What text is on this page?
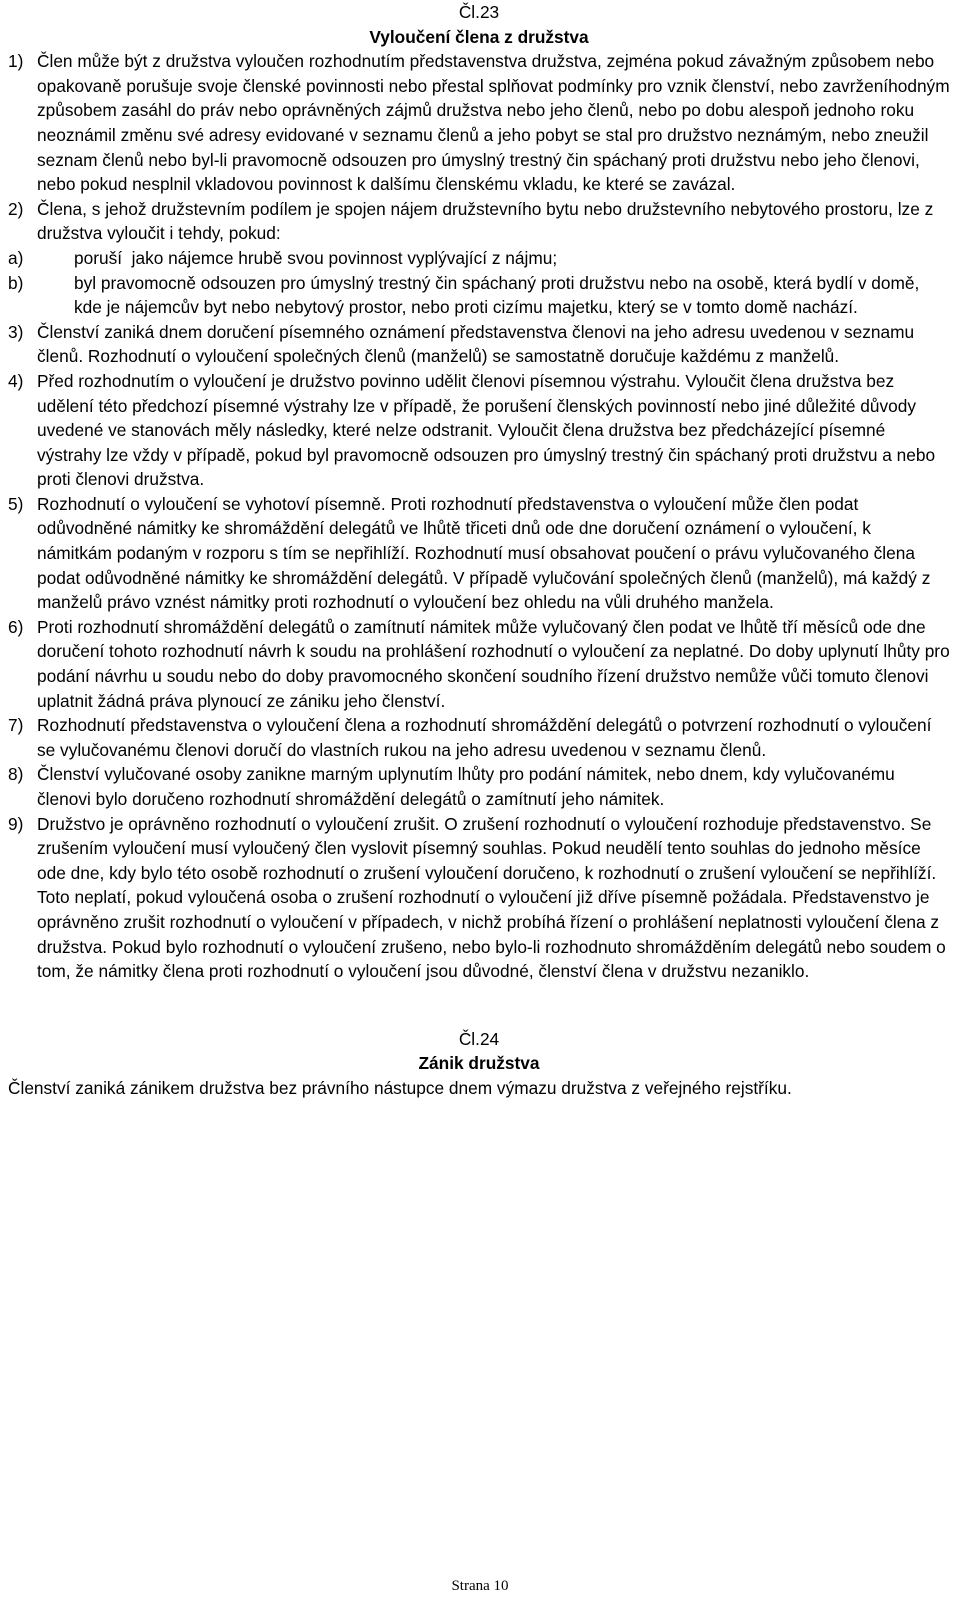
Čl.23

Vyloučení člena z družstva

1) Člen může být z družstva vyloučen rozhodnutím představenstva družstva, zejména pokud závažným způsobem nebo opakovaně porušuje svoje členské povinnosti nebo přestal splňovat podmínky pro vznik členství, nebo zavrženíhodným způsobem zasáhl do práv nebo oprávněných zájmů družstva nebo jeho členů, nebo po dobu alespoň jednoho roku neoznámil změnu své adresy evidované v seznamu členů a jeho pobyt se stal pro družstvo neznámým, nebo zneužil seznam členů nebo byl-li pravomocně odsouzen pro úmyslný trestný čin spáchaný proti družstvu nebo jeho členovi, nebo pokud nesplnil vkladovou povinnost k dalšímu členskému vkladu, ke které se zavázal.
2) Člena, s jehož družstevním podílem je spojen nájem družstevního bytu nebo družstevního nebytového prostoru, lze z družstva vyloučit i tehdy, pokud:
a)	poruší  jako nájemce hrubě svou povinnost vyplývající z nájmu;
b)	byl pravomocně odsouzen pro úmyslný trestný čin spáchaný proti družstvu nebo na osobě, která bydlí v domě, kde je nájemcův byt nebo nebytový prostor, nebo proti cizímu majetku, který se v tomto domě nachází.
3) Členství zaniká dnem doručení písemného oznámení představenstva členovi na jeho adresu uvedenou v seznamu členů. Rozhodnutí o vyloučení společných členů (manželů) se samostatně doručuje každému z manželů.
4) Před rozhodnutím o vyloučení je družstvo povinno udělit členovi písemnou výstrahu. Vyloučit člena družstva bez udělení této předchozí písemné výstrahy lze v případě, že porušení členských povinností nebo jiné důležité důvody uvedené ve stanovách měly následky, které nelze odstranit. Vyloučit člena družstva bez předcházející písemné výstrahy lze vždy v případě, pokud byl pravomocně odsouzen pro úmyslný trestný čin spáchaný proti družstvu a nebo proti členovi družstva.
5) Rozhodnutí o vyloučení se vyhotoví písemně. Proti rozhodnutí představenstva o vyloučení může člen podat odůvodněné námitky ke shromáždění delegátů ve lhůtě třiceti dnů ode dne doručení oznámení o vyloučení, k námitkám podaným v rozporu s tím se nepřihlíží. Rozhodnutí musí obsahovat poučení o právu vylučovaného člena podat odůvodněné námitky ke shromáždění delegátů. V případě vylučování společných členů (manželů), má každý z manželů právo vznést námitky proti rozhodnutí o vyloučení bez ohledu na vůli druhého manžela.
6) Proti rozhodnutí shromáždění delegátů o zamítnutí námitek může vylučovaný člen podat ve lhůtě tří měsíců ode dne doručení tohoto rozhodnutí návrh k soudu na prohlášení rozhodnutí o vyloučení za neplatné. Do doby uplynutí lhůty pro podání návrhu u soudu nebo do doby pravomocného skončení soudního řízení družstvo nemůže vůči tomuto členovi uplatnit žádná práva plynoucí ze zániku jeho členství.
7) Rozhodnutí představenstva o vyloučení člena a rozhodnutí shromáždění delegátů o potvrzení rozhodnutí o vyloučení se vylučovanému členovi doručí do vlastních rukou na jeho adresu uvedenou v seznamu členů.
8) Členství vylučované osoby zanikne marným uplynutím lhůty pro podání námitek, nebo dnem, kdy vylučovanému členovi bylo doručeno rozhodnutí shromáždění delegátů o zamítnutí jeho námitek.
9) Družstvo je oprávněno rozhodnutí o vyloučení zrušit. O zrušení rozhodnutí o vyloučení rozhoduje představenstvo. Se zrušením vyloučení musí vyloučený člen vyslovit písemný souhlas. Pokud neudělí tento souhlas do jednoho měsíce ode dne, kdy bylo této osobě rozhodnutí o zrušení vyloučení doručeno, k rozhodnutí o zrušení vyloučení se nepřihlíží. Toto neplatí, pokud vyloučená osoba o zrušení rozhodnutí o vyloučení již dříve písemně požádala. Představenstvo je oprávněno zrušit rozhodnutí o vyloučení v případech, v nichž probíhá řízení o prohlášení neplatnosti vyloučení člena z družstva. Pokud bylo rozhodnutí o vyloučení zrušeno, nebo bylo-li rozhodnuto shromážděním delegátů nebo soudem o tom, že námitky člena proti rozhodnutí o vyloučení jsou důvodné, členství člena v družstvu nezaniklo.

Čl.24

Zánik družstva

Členství zaniká zánikem družstva bez právního nástupce dnem výmazu družstva z veřejného rejstříku.

Strana 10
